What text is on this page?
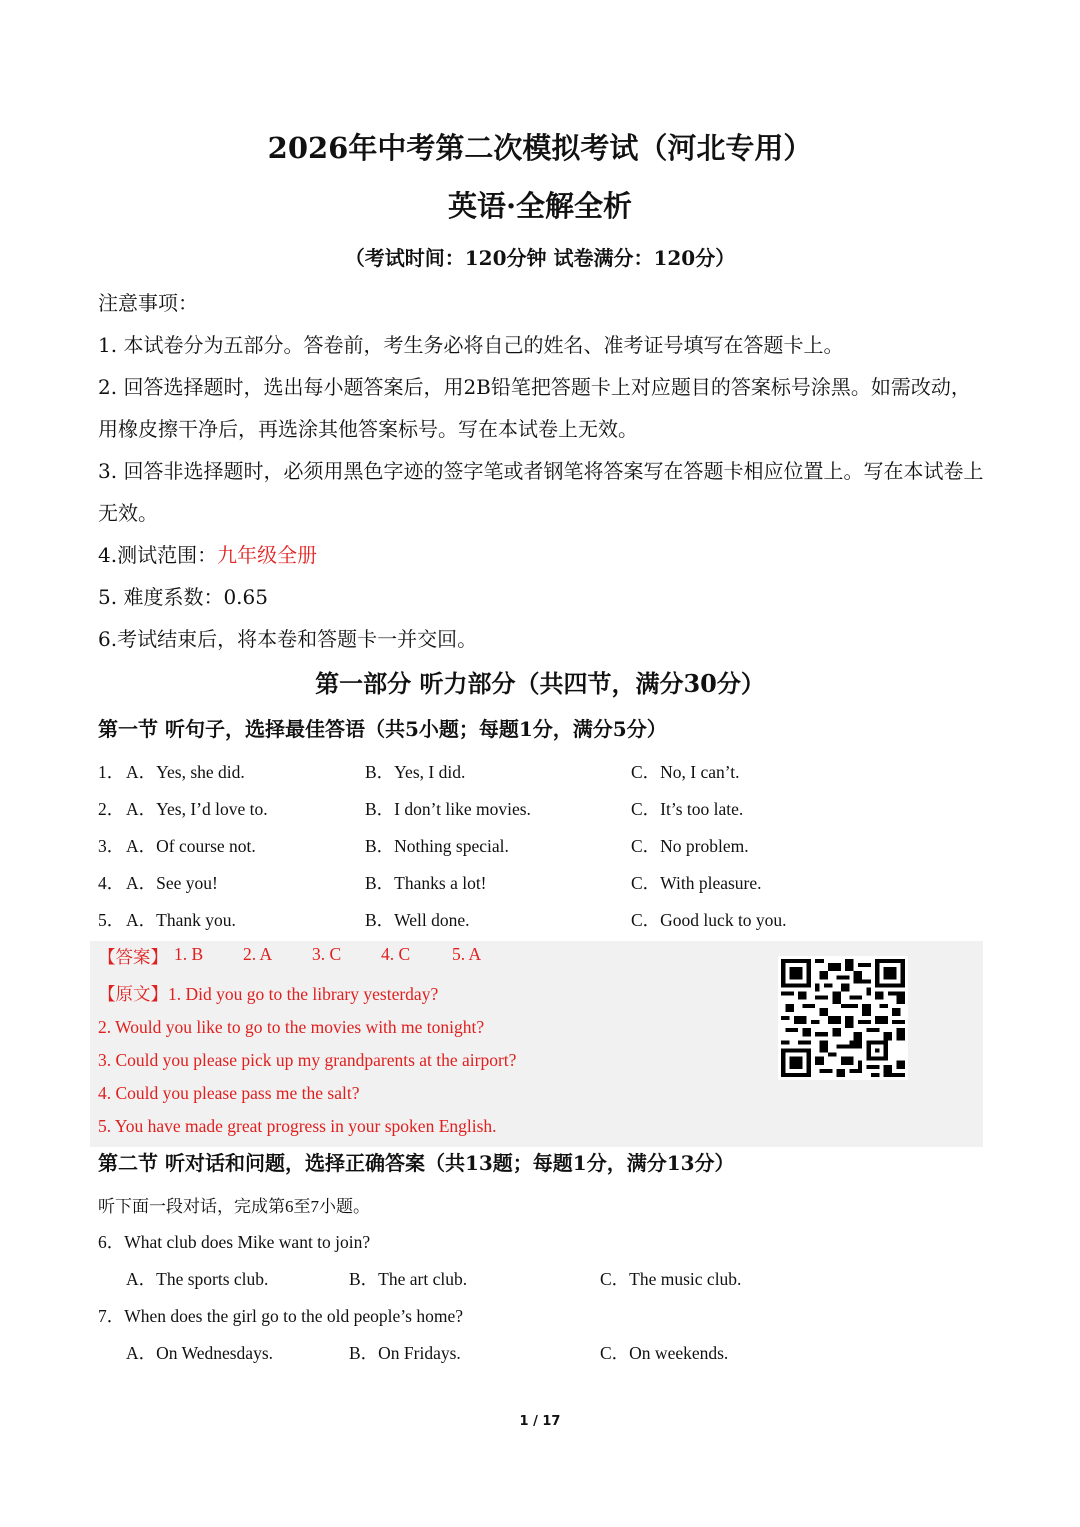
2026年中考第二次模拟考试（河北专用）
英语·全解全析
（考试时间：120分钟 试卷满分：120分）

注意事项：

1. 本试卷分为五部分。答卷前，考生务必将自己的姓名、准考证号填写在答题卡上。

2. 回答选择题时，选出每小题答案后，用2B铅笔把答题卡上对应题目的答案标号涂黑。如需改动，用橡皮擦干净后，再选涂其他答案标号。写在本试卷上无效。

3. 回答非选择题时，必须用黑色字迹的签字笔或者钢笔将答案写在答题卡相应位置上。写在本试卷上无效。

4.测试范围：九年级全册

5. 难度系数：0.65

6.考试结束后，将本卷和答题卡一并交回。

第一部分 听力部分（共四节，满分30分）
第一节 听句子，选择最佳答语（共5小题；每题1分，满分5分）
1． A．Yes, she did.	B．Yes, I did.	C．No, I can’t.
2． A．Yes, I’d love to.	B．I don’t like movies.	C．It’s too late.
3． A．Of course not.	B．Nothing special.	C．No problem.
4． A．See you!	B．Thanks a lot!	C．With pleasure.
5． A．Thank you.	B．Well done.	C．Good luck to you.
【答案】 1. B 2. A 3. C 4. C 5. A
【原文】1. Did you go to the library yesterday?
2. Would you like to go to the movies with me tonight?
3. Could you please pick up my grandparents at the airport?
4. Could you please pass me the salt?
5. You have made great progress in your spoken English.
第二节 听对话和问题，选择正确答案（共13题；每题1分，满分13分）
听下面一段对话，完成第6至7小题。
6．What club does Mike want to join?
A．The sports club.	B．The art club.	C．The music club.
7．When does the girl go to the old people’s home?
A．On Wednesdays.	B．On Fridays.	C．On weekends.
1 / 17
